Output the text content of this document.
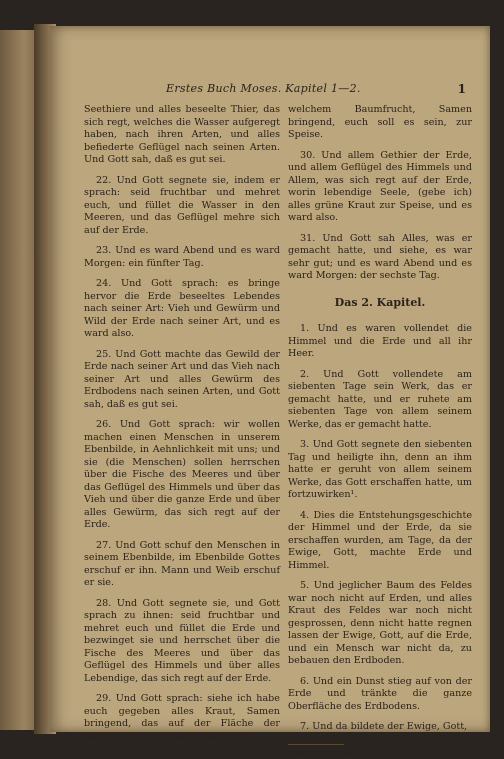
Erstes Buch Moses. Kapitel 1—2.	1

Seethiere und alles beseelte Thier, das sich regt, welches die Wasser aufgeregt haben, nach ihren Arten, und alles befiederte Geflügel nach seinen Arten. Und Gott sah, daß es gut sei.

22. Und Gott segnete sie, indem er sprach: seid fruchtbar und mehret euch, und füllet die Wasser in den Meeren, und das Geflügel mehre sich auf der Erde.

23. Und es ward Abend und es ward Morgen: ein fünfter Tag.

24. Und Gott sprach: es bringe hervor die Erde beseeltes Lebendes nach seiner Art: Vieh und Gewürm und Wild der Erde nach seiner Art, und es ward also.

25. Und Gott machte das Gewild der Erde nach seiner Art und das Vieh nach seiner Art und alles Gewürm des Erdbodens nach seinen Arten, und Gott sah, daß es gut sei.

26. Und Gott sprach: wir wollen machen einen Menschen in unserem Ebenbilde, in Aehnlichkeit mit uns; und sie (die Menschen) sollen herrschen über die Fische des Meeres und über das Geflügel des Himmels und über das Vieh und über die ganze Erde und über alles Gewürm, das sich regt auf der Erde.

27. Und Gott schuf den Menschen in seinem Ebenbilde, im Ebenbilde Gottes erschuf er ihn. Mann und Weib erschuf er sie.

28. Und Gott segnete sie, und Gott sprach zu ihnen: seid fruchtbar und mehret euch und füllet die Erde und bezwinget sie und herrschet über die Fische des Meeres und über das Geflügel des Himmels und über alles Lebendige, das sich regt auf der Erde.

29. Und Gott sprach: siehe ich habe euch gegeben alles Kraut, Samen bringend, das auf der Fläche der ganzen Erde, und jeden Baum, an

welchem Baumfrucht, Samen bringend, euch soll es sein, zur Speise.

30. Und allem Gethier der Erde, und allem Geflügel des Himmels und Allem, was sich regt auf der Erde, worin lebendige Seele, (gebe ich) alles grüne Kraut zur Speise, und es ward also.

31. Und Gott sah Alles, was er gemacht hatte, und siehe, es war sehr gut; und es ward Abend und es ward Morgen: der sechste Tag.

Das 2. Kapitel.

1. Und es waren vollendet die Himmel und die Erde und all ihr Heer.

2. Und Gott vollendete am siebenten Tage sein Werk, das er gemacht hatte, und er ruhete am siebenten Tage von allem seinem Werke, das er gemacht hatte.

3. Und Gott segnete den siebenten Tag und heiligte ihn, denn an ihm hatte er geruht von allem seinem Werke, das Gott erschaffen hatte, um fortzuwirken¹.

4. Dies die Entstehungsgeschichte der Himmel und der Erde, da sie erschaffen wurden, am Tage, da der Ewige, Gott, machte Erde und Himmel.

5. Und jeglicher Baum des Feldes war noch nicht auf Erden, und alles Kraut des Feldes war noch nicht gesprossen, denn nicht hatte regnen lassen der Ewige, Gott, auf die Erde, und ein Mensch war nicht da, zu bebauen den Erdboden.

6. Und ein Dunst stieg auf von der Erde und tränkte die ganze Oberfläche des Erdbodens.

7. Und da bildete der Ewige, Gott,

¹ Nach Aben Esra.
